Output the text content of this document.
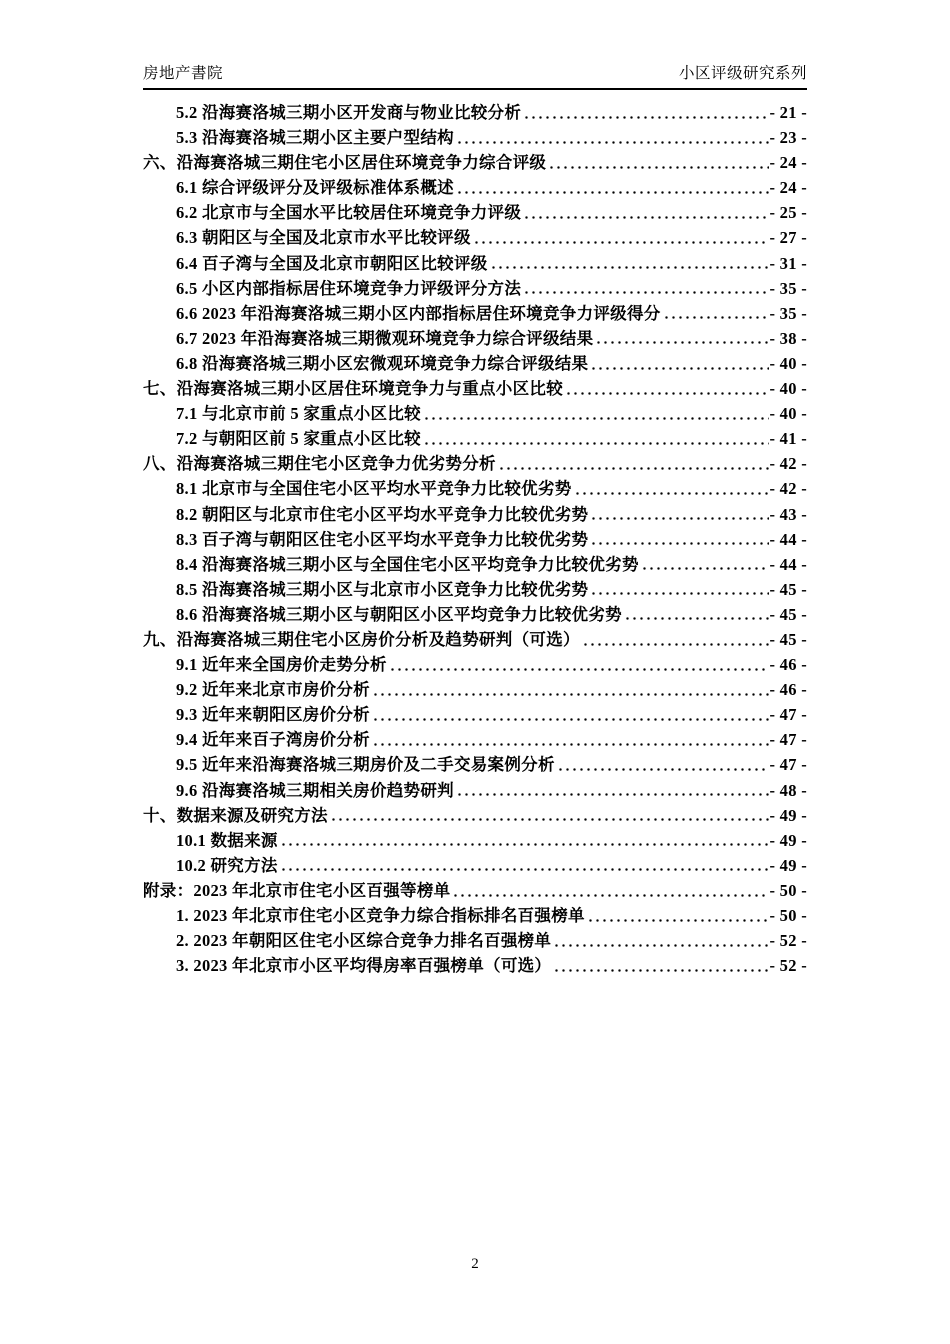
房地产書院	小区评级研究系列
5.2 沿海赛洛城三期小区开发商与物业比较分析	- 21 -
5.3 沿海赛洛城三期小区主要户型结构	- 23 -
六、沿海赛洛城三期住宅小区居住环境竞争力综合评级	- 24 -
6.1 综合评级评分及评级标准体系概述	- 24 -
6.2 北京市与全国水平比较居住环境竞争力评级	- 25 -
6.3 朝阳区与全国及北京市水平比较评级	- 27 -
6.4 百子湾与全国及北京市朝阳区比较评级	- 31 -
6.5 小区内部指标居住环境竞争力评级评分方法	- 35 -
6.6 2023 年沿海赛洛城三期小区内部指标居住环境竞争力评级得分	- 35 -
6.7 2023 年沿海赛洛城三期微观环境竞争力综合评级结果	- 38 -
6.8 沿海赛洛城三期小区宏微观环境竞争力综合评级结果	- 40 -
七、沿海赛洛城三期小区居住环境竞争力与重点小区比较	- 40 -
7.1 与北京市前 5 家重点小区比较	- 40 -
7.2 与朝阳区前 5 家重点小区比较	- 41 -
八、沿海赛洛城三期住宅小区竞争力优劣势分析	- 42 -
8.1 北京市与全国住宅小区平均水平竞争力比较优劣势	- 42 -
8.2 朝阳区与北京市住宅小区平均水平竞争力比较优劣势	- 43 -
8.3 百子湾与朝阳区住宅小区平均水平竞争力比较优劣势	- 44 -
8.4 沿海赛洛城三期小区与全国住宅小区平均竞争力比较优劣势	- 44 -
8.5 沿海赛洛城三期小区与北京市小区竞争力比较优劣势	- 45 -
8.6 沿海赛洛城三期小区与朝阳区小区平均竞争力比较优劣势	- 45 -
九、沿海赛洛城三期住宅小区房价分析及趋势研判（可选）	- 45 -
9.1 近年来全国房价走势分析	- 46 -
9.2 近年来北京市房价分析	- 46 -
9.3 近年来朝阳区房价分析	- 47 -
9.4 近年来百子湾房价分析	- 47 -
9.5 近年来沿海赛洛城三期房价及二手交易案例分析	- 47 -
9.6 沿海赛洛城三期相关房价趋势研判	- 48 -
十、数据来源及研究方法	- 49 -
10.1 数据来源	- 49 -
10.2 研究方法	- 49 -
附录：2023 年北京市住宅小区百强等榜单	- 50 -
1. 2023 年北京市住宅小区竞争力综合指标排名百强榜单	- 50 -
2. 2023 年朝阳区住宅小区综合竞争力排名百强榜单	- 52 -
3. 2023 年北京市小区平均得房率百强榜单（可选）	- 52 -
2
